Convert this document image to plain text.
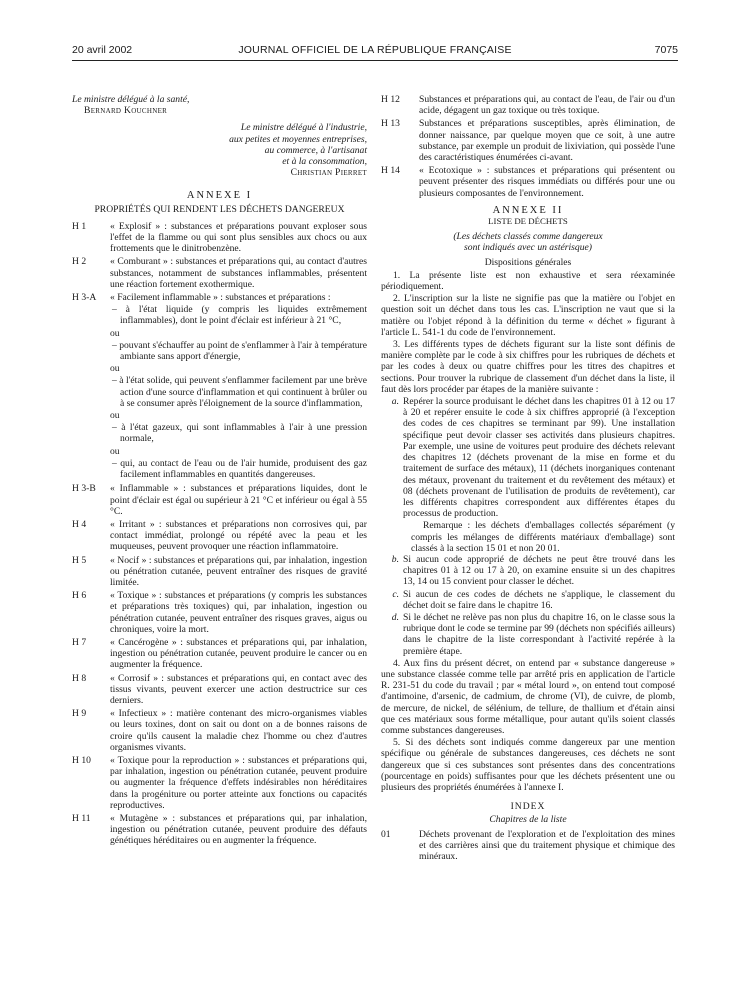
20 avril 2002	JOURNAL OFFICIEL DE LA RÉPUBLIQUE FRANÇAISE	7075

Le ministre délégué à la santé,

Bernard Kouchner

Le ministre délégué à l'industrie,

aux petites et moyennes entreprises,

au commerce, à l'artisanat

et à la consommation,

Christian Pierret

ANNEXE I
PROPRIÉTÉS QUI RENDENT LES DÉCHETS DANGEREUX
H 1	« Explosif » : substances et préparations pouvant exploser sous l'effet de la flamme ou qui sont plus sensibles aux chocs ou aux frottements que le dinitrobenzène.
H 2	« Comburant » : substances et préparations qui, au contact d'autres substances, notamment de substances inflammables, présentent une réaction fortement exothermique.
H 3-A	« Facilement inflammable » : substances et préparations :

– à l'état liquide (y compris les liquides extrêmement inflammables), dont le point d'éclair est inférieur à 21 °C,

ou

– pouvant s'échauffer au point de s'enflammer à l'air à température ambiante sans apport d'énergie,

ou

– à l'état solide, qui peuvent s'enflammer facilement par une brève action d'une source d'inflammation et qui continuent à brûler ou à se consumer après l'éloignement de la source d'inflammation,

ou

– à l'état gazeux, qui sont inflammables à l'air à une pression normale,

ou

– qui, au contact de l'eau ou de l'air humide, produisent des gaz facilement inflammables en quantités dangereuses.

H 3-B	« Inflammable » : substances et préparations liquides, dont le point d'éclair est égal ou supérieur à 21 °C et inférieur ou égal à 55 °C.
H 4	« Irritant » : substances et préparations non corrosives qui, par contact immédiat, prolongé ou répété avec la peau et les muqueuses, peuvent provoquer une réaction inflammatoire.
H 5	« Nocif » : substances et préparations qui, par inhalation, ingestion ou pénétration cutanée, peuvent entraîner des risques de gravité limitée.
H 6	« Toxique » : substances et préparations (y compris les substances et préparations très toxiques) qui, par inhalation, ingestion ou pénétration cutanée, peuvent entraîner des risques graves, aigus ou chroniques, voire la mort.
H 7	« Cancérogène » : substances et préparations qui, par inhalation, ingestion ou pénétration cutanée, peuvent produire le cancer ou en augmenter la fréquence.
H 8	« Corrosif » : substances et préparations qui, en contact avec des tissus vivants, peuvent exercer une action destructrice sur ces derniers.
H 9	« Infectieux » : matière contenant des micro-organismes viables ou leurs toxines, dont on sait ou dont on a de bonnes raisons de croire qu'ils causent la maladie chez l'homme ou chez d'autres organismes vivants.
H 10	« Toxique pour la reproduction » : substances et préparations qui, par inhalation, ingestion ou pénétration cutanée, peuvent produire ou augmenter la fréquence d'effets indésirables non héréditaires dans la progéniture ou porter atteinte aux fonctions ou capacités reproductives.
H 11	« Mutagène » : substances et préparations qui, par inhalation, ingestion ou pénétration cutanée, peuvent produire des défauts génétiques héréditaires ou en augmenter la fréquence.
H 12	Substances et préparations qui, au contact de l'eau, de l'air ou d'un acide, dégagent un gaz toxique ou très toxique.
H 13	Substances et préparations susceptibles, après élimination, de donner naissance, par quelque moyen que ce soit, à une autre substance, par exemple un produit de lixiviation, qui possède l'une des caractéristiques énumérées ci-avant.
H 14	« Ecotoxique » : substances et préparations qui présentent ou peuvent présenter des risques immédiats ou différés pour une ou plusieurs composantes de l'environnement.
ANNEXE II
LISTE DE DÉCHETS
(Les déchets classés comme dangereux
sont indiqués avec un astérisque)
Dispositions générales

1. La présente liste est non exhaustive et sera réexaminée périodiquement.

2. L'inscription sur la liste ne signifie pas que la matière ou l'objet en question soit un déchet dans tous les cas. L'inscription ne vaut que si la matière ou l'objet répond à la définition du terme « déchet » figurant à l'article L. 541-1 du code de l'environnement.

3. Les différents types de déchets figurant sur la liste sont définis de manière complète par le code à six chiffres pour les rubriques de déchets et par les codes à deux ou quatre chiffres pour les titres des chapitres et sections. Pour trouver la rubrique de classement d'un déchet dans la liste, il faut dès lors procéder par étapes de la manière suivante :

a. Repérer la source produisant le déchet dans les chapitres 01 à 12 ou 17 à 20 et repérer ensuite le code à six chiffres approprié (à l'exception des codes de ces chapitres se terminant par 99). Une installation spécifique peut devoir classer ses activités dans plusieurs chapitres. Par exemple, une usine de voitures peut produire des déchets relevant des chapitres 12 (déchets provenant de la mise en forme et du traitement de surface des métaux), 11 (déchets inorganiques contenant des métaux, provenant du traitement et du revêtement des métaux) et 08 (déchets provenant de l'utilisation de produits de revêtement), car les différents chapitres correspondent aux différentes étapes du processus de production.

Remarque : les déchets d'emballages collectés séparément (y compris les mélanges de différents matériaux d'emballage) sont classés à la section 15 01 et non 20 01.

b. Si aucun code approprié de déchets ne peut être trouvé dans les chapitres 01 à 12 ou 17 à 20, on examine ensuite si un des chapitres 13, 14 ou 15 convient pour classer le déchet.
c. Si aucun de ces codes de déchets ne s'applique, le classement du déchet doit se faire dans le chapitre 16.
d. Si le déchet ne relève pas non plus du chapitre 16, on le classe sous la rubrique dont le code se termine par 99 (déchets non spécifiés ailleurs) dans le chapitre de la liste correspondant à l'activité repérée à la première étape.

4. Aux fins du présent décret, on entend par « substance dangereuse » une substance classée comme telle par arrêté pris en application de l'article R. 231-51 du code du travail ; par « métal lourd », on entend tout composé d'antimoine, d'arsenic, de cadmium, de chrome (VI), de cuivre, de plomb, de mercure, de nickel, de sélénium, de tellure, de thallium et d'étain ainsi que ces matériaux sous forme métallique, pour autant qu'ils soient classés comme substances dangereuses.

5. Si des déchets sont indiqués comme dangereux par une mention spécifique ou générale de substances dangereuses, ces déchets ne sont dangereux que si ces substances sont présentes dans des concentrations (pourcentage en poids) suffisantes pour que les déchets présentent une ou plusieurs des propriétés énumérées à l'annexe I.

INDEX
Chapitres de la liste
01	Déchets provenant de l'exploration et de l'exploitation des mines et des carrières ainsi que du traitement physique et chimique des minéraux.
